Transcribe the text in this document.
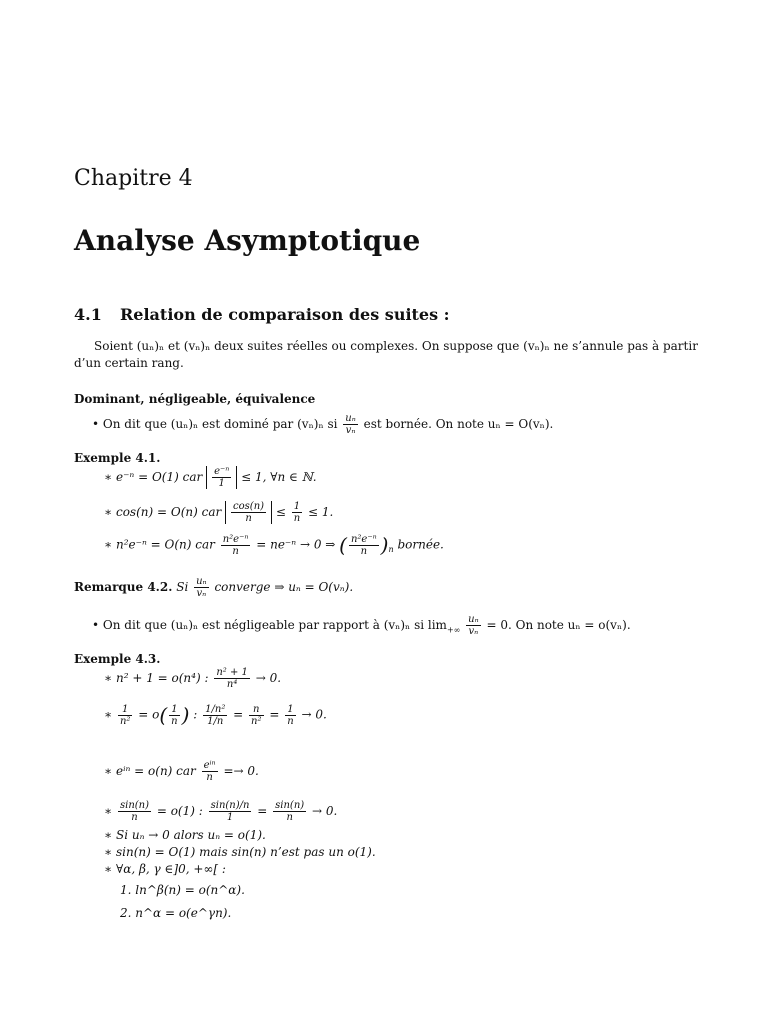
Chapitre 4
Analyse Asymptotique
4.1 Relation de comparaison des suites :
Soient (uₙ)ₙ et (vₙ)ₙ deux suites réelles ou complexes. On suppose que (vₙ)ₙ ne s’annule pas à partir
d’un certain rang.
Dominant, négligeable, équivalence
• On dit que (uₙ)ₙ est dominé par (vₙ)ₙ si $\frac{\text{uₙ}}{\text{vₙ}}$ est bornée. On note uₙ = O(vₙ).
Exemple 4.1.
∗ e⁻ⁿ = O(1) car $\frac{\text{e⁻ⁿ}}{1} \le 1$, ∀n ∈ ℕ.
∗ cos(n) = O(n) car $\frac{\cos(n)}{n} \le \frac{1}{n} \le 1$.
∗ n²e⁻ⁿ = O(n) car $\frac{\text{n²e⁻ⁿ}}{n} = ne^{-n} \to 0$ ⇒ ( $\frac{\text{n²e⁻ⁿ}}{n} )_n$ bornée.
Remarque 4.2. Si $\frac{\text{uₙ}}{\text{vₙ}}$ converge ⇒ uₙ = O(vₙ).
• On dit que (uₙ)ₙ est négligeable par rapport à (vₙ)ₙ si $\lim_{+\infty} \frac{\text{uₙ}}{\text{vₙ}} = 0$. On note uₙ = o(vₙ).
Exemple 4.3.
∗ n² + 1 = o(n⁴) : $\frac{\text{n² + 1}}{\text{n⁴}} \to 0$.
∗ $\frac{1}{\text{n²}} = o( \frac{1}{n}$ ) : $\frac{\text{1/n²}}{1/n} = \frac{n}{\text{n²}} = \frac{1}{n} \to 0$.
∗ eⁱⁿ = o(n) car $\frac{\text{eⁱⁿ}}{n} =\to 0$.
∗ $\frac{\sin(n)}{n} = o(1)$ : $\frac{\sin(n)/n}{1} = \frac{\sin(n)}{n} \to 0$.
∗ Si uₙ → 0 alors uₙ = o(1).
∗ sin(n) = O(1) mais sin(n) n’est pas un o(1).
∗ ∀α, β, γ ∈]0, +∞[ :
1. ln^β(n) = o(n^α).
2. n^α = o(e^γn).
